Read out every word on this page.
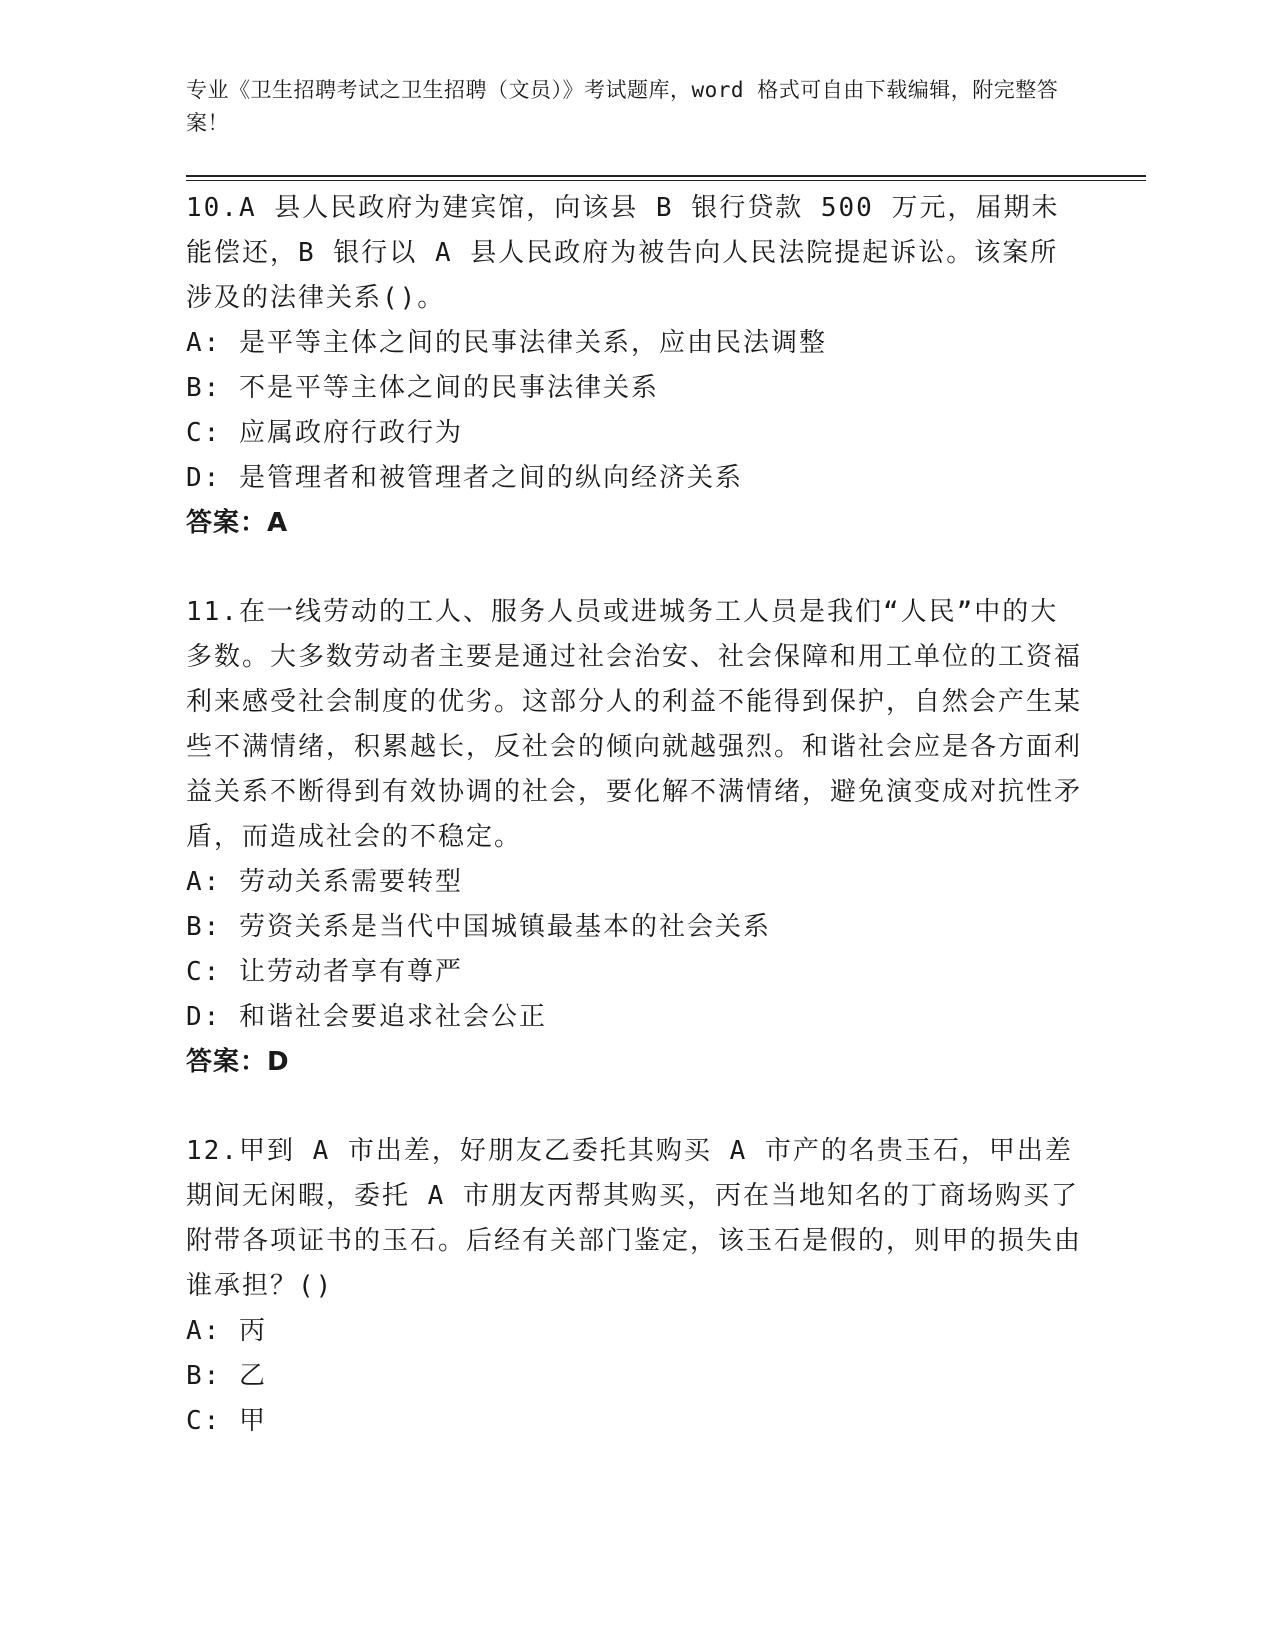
专业《卫生招聘考试之卫生招聘（文员）》考试题库，word 格式可自由下载编辑，附完整答案！

10.A 县人民政府为建宾馆，向该县 B 银行贷款 500 万元，届期未能偿还，B 银行以 A 县人民政府为被告向人民法院提起诉讼。该案所涉及的法律关系()。

A: 是平等主体之间的民事法律关系，应由民法调整

B: 不是平等主体之间的民事法律关系

C: 应属政府行政行为

D: 是管理者和被管理者之间的纵向经济关系

答案：A

11.在一线劳动的工人、服务人员或进城务工人员是我们“人民”中的大多数。大多数劳动者主要是通过社会治安、社会保障和用工单位的工资福利来感受社会制度的优劣。这部分人的利益不能得到保护，自然会产生某些不满情绪，积累越长，反社会的倾向就越强烈。和谐社会应是各方面利益关系不断得到有效协调的社会，要化解不满情绪，避免演变成对抗性矛盾，而造成社会的不稳定。

A: 劳动关系需要转型

B: 劳资关系是当代中国城镇最基本的社会关系

C: 让劳动者享有尊严

D: 和谐社会要追求社会公正

答案：D

12.甲到 A 市出差，好朋友乙委托其购买 A 市产的名贵玉石，甲出差期间无闲暇，委托 A 市朋友丙帮其购买，丙在当地知名的丁商场购买了附带各项证书的玉石。后经有关部门鉴定，该玉石是假的，则甲的损失由谁承担？()

A: 丙

B: 乙

C: 甲
